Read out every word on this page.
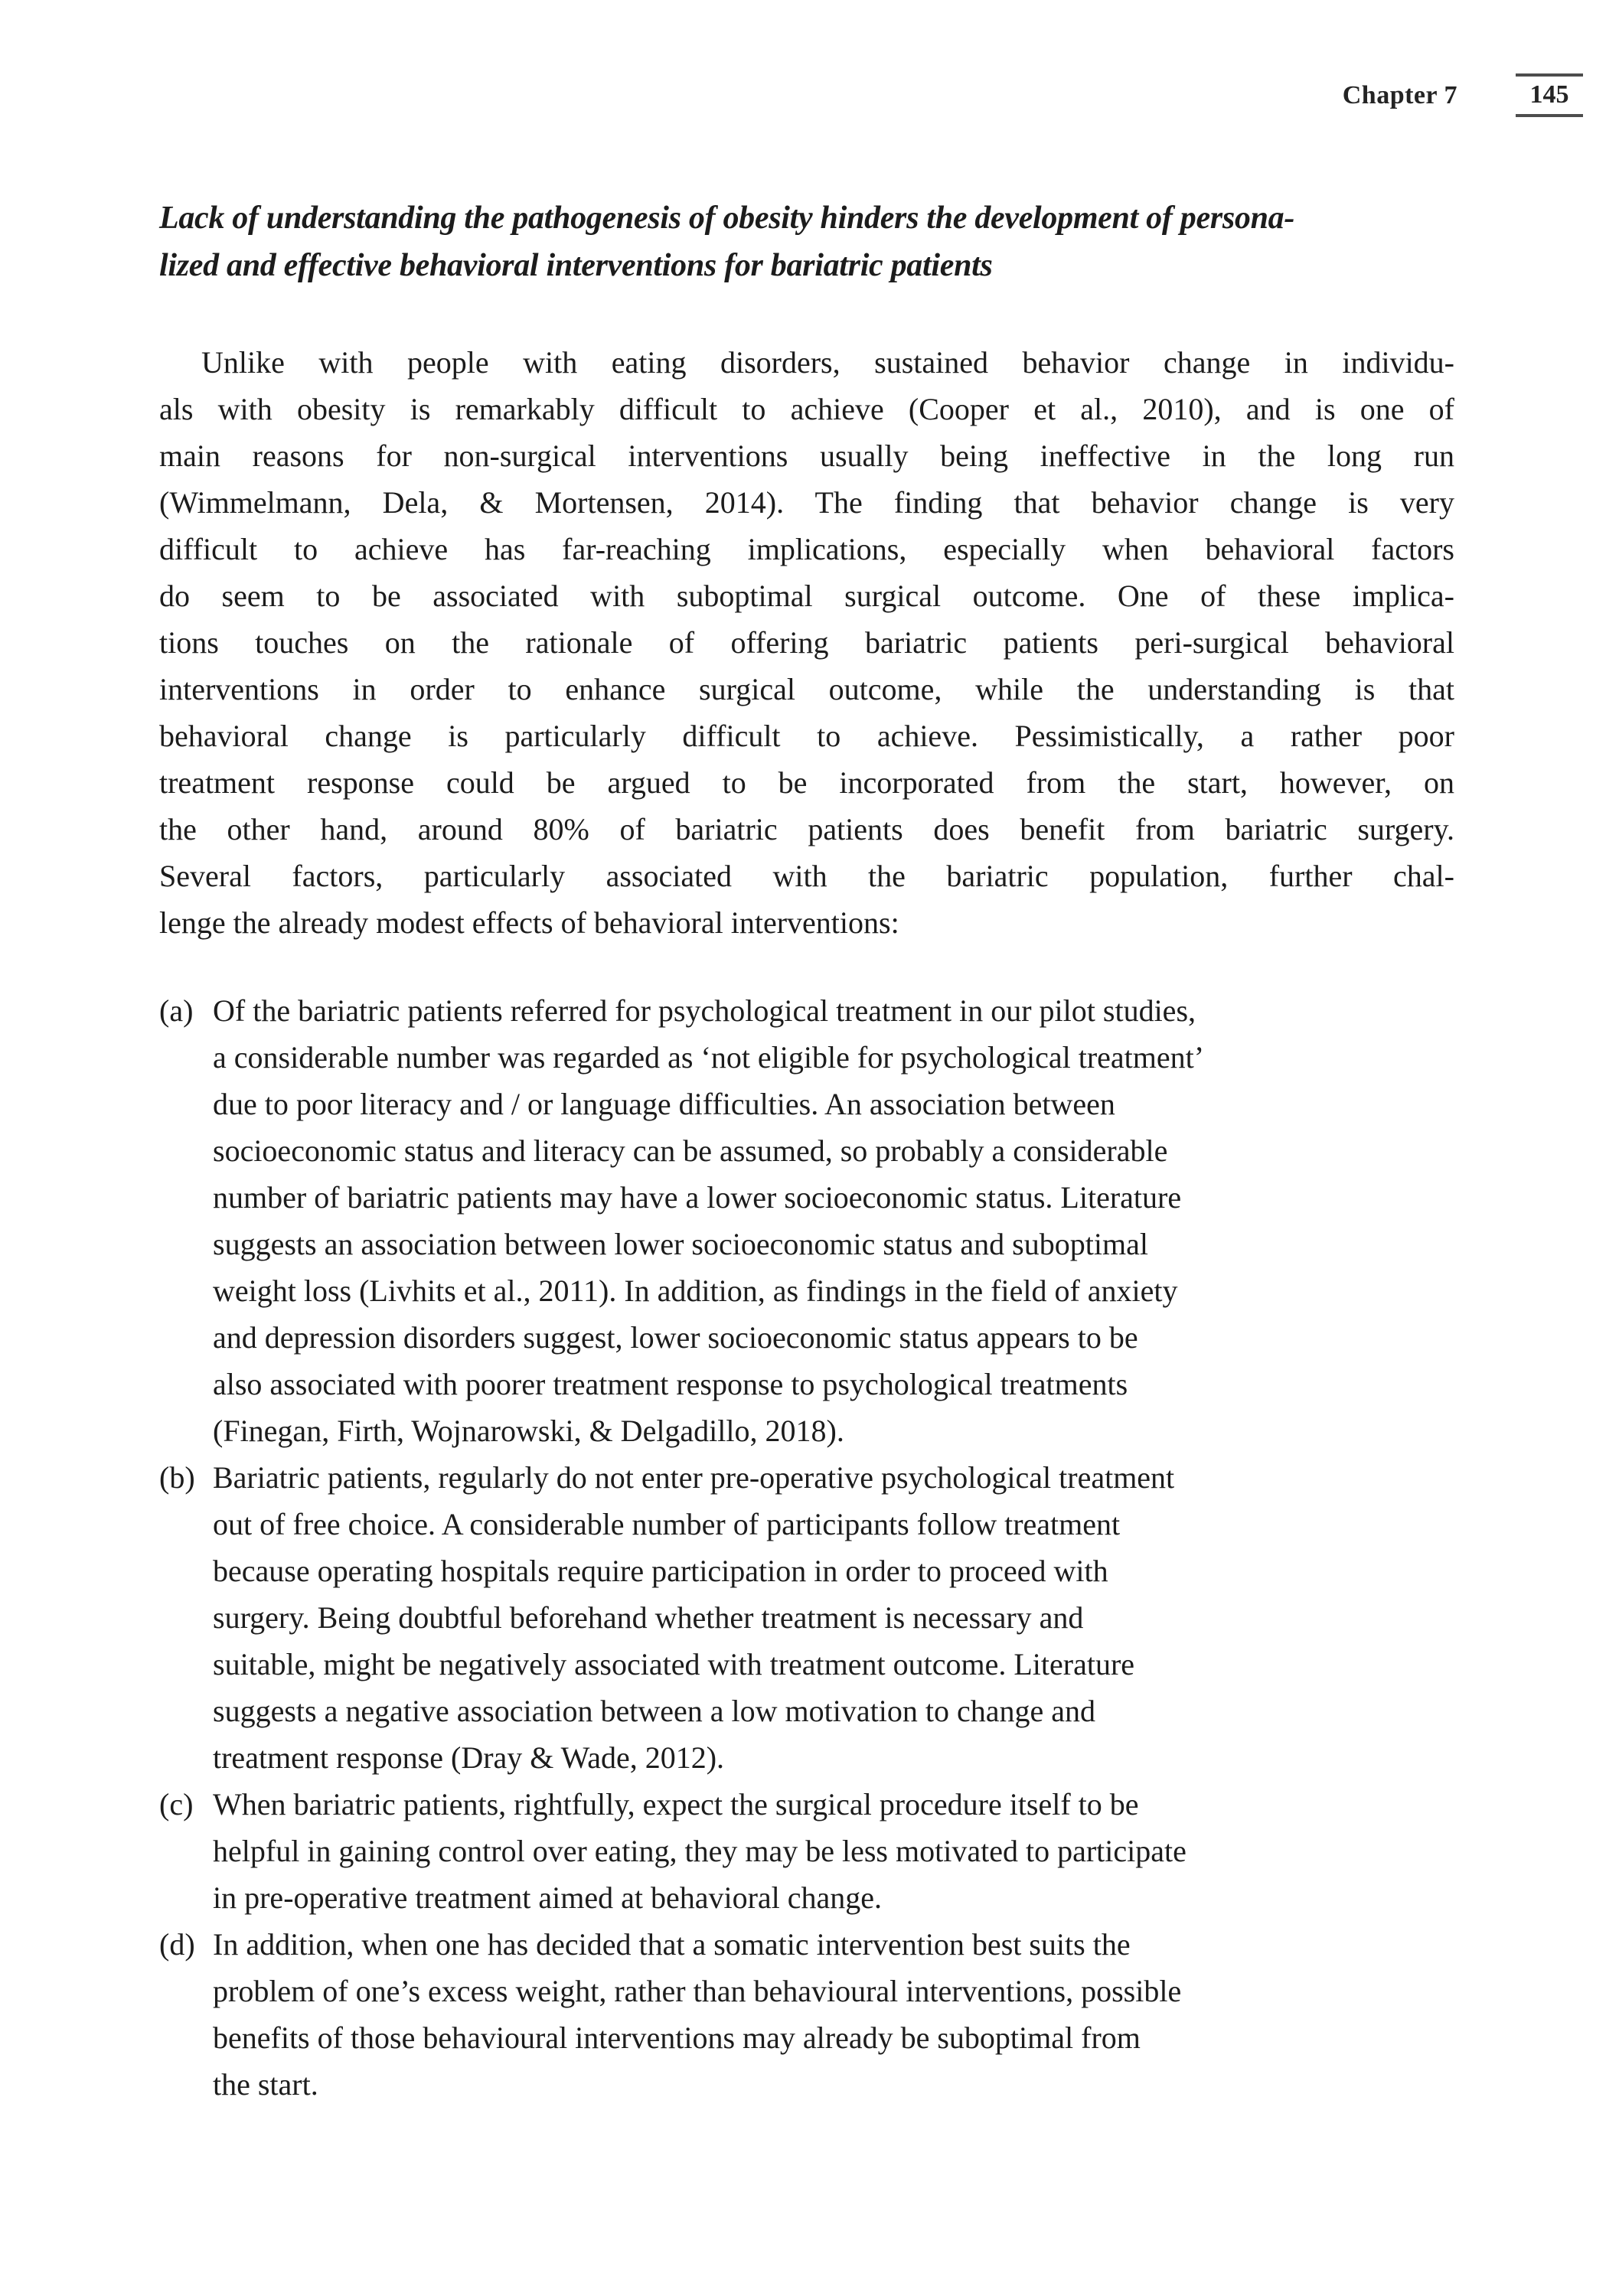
Chapter 7	145
Lack of understanding the pathogenesis of obesity hinders the development of persona-
lized and effective behavioral interventions for bariatric patients
Unlike with people with eating disorders, sustained behavior change in individu-
als with obesity is remarkably difficult to achieve (Cooper et al., 2010), and is one of
main reasons for non-surgical interventions usually being ineffective in the long run
(Wimmelmann, Dela, & Mortensen, 2014). The finding that behavior change is very
difficult to achieve has far-reaching implications, especially when behavioral factors
do seem to be associated with suboptimal surgical outcome. One of these implica-
tions touches on the rationale of offering bariatric patients peri-surgical behavioral
interventions in order to enhance surgical outcome, while the understanding is that
behavioral change is particularly difficult to achieve. Pessimistically, a rather poor
treatment response could be argued to be incorporated from the start, however, on
the other hand, around 80% of bariatric patients does benefit from bariatric surgery.
Several factors, particularly associated with the bariatric population, further chal-
lenge the already modest effects of behavioral interventions:
(a) Of the bariatric patients referred for psychological treatment in our pilot studies,
a considerable number was regarded as ‘not eligible for psychological treatment’
due to poor literacy and / or language difficulties. An association between
socioeconomic status and literacy can be assumed, so probably a considerable
number of bariatric patients may have a lower socioeconomic status. Literature
suggests an association between lower socioeconomic status and suboptimal
weight loss (Livhits et al., 2011). In addition, as findings in the field of anxiety
and depression disorders suggest, lower socioeconomic status appears to be
also associated with poorer treatment response to psychological treatments
(Finegan, Firth, Wojnarowski, & Delgadillo, 2018).
(b) Bariatric patients, regularly do not enter pre-operative psychological treatment
out of free choice. A considerable number of participants follow treatment
because operating hospitals require participation in order to proceed with
surgery. Being doubtful beforehand whether treatment is necessary and
suitable, might be negatively associated with treatment outcome. Literature
suggests a negative association between a low motivation to change and
treatment response (Dray & Wade, 2012).
(c) When bariatric patients, rightfully, expect the surgical procedure itself to be
helpful in gaining control over eating, they may be less motivated to participate
in pre-operative treatment aimed at behavioral change.
(d) In addition, when one has decided that a somatic intervention best suits the
problem of one’s excess weight, rather than behavioural interventions, possible
benefits of those behavioural interventions may already be suboptimal from
the start.
